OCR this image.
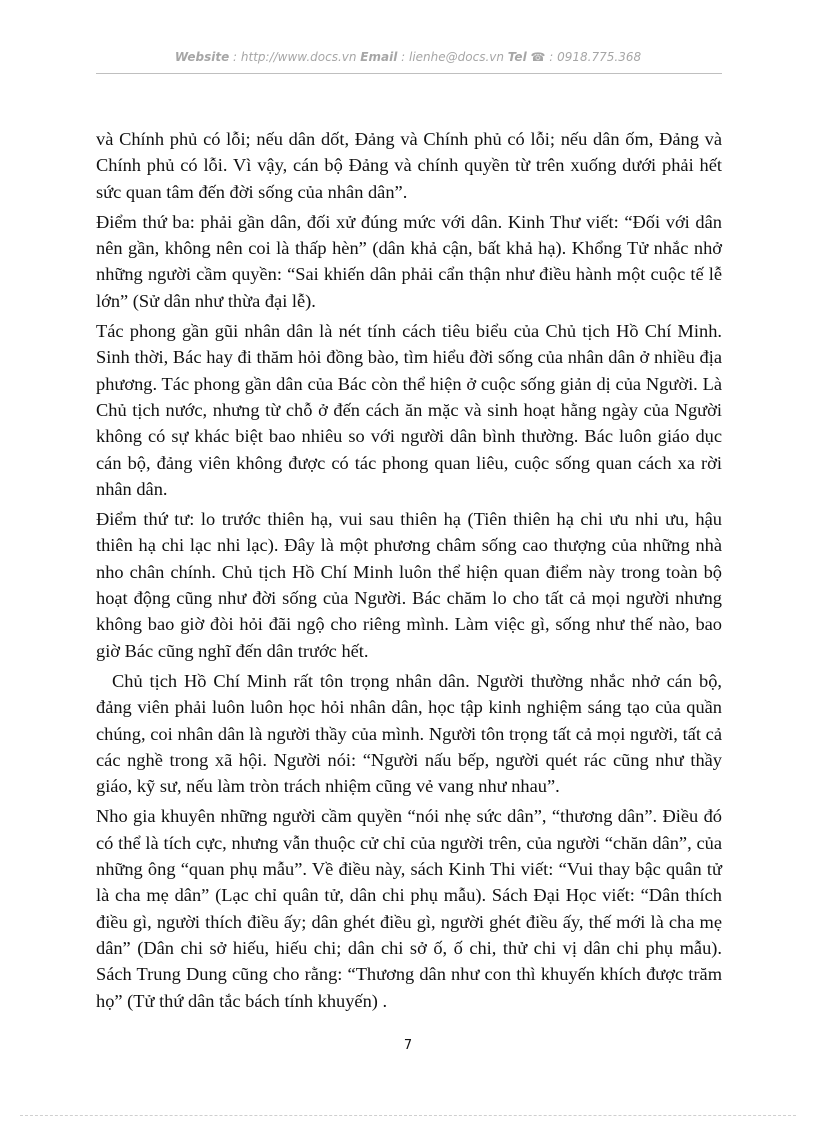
Website : http://www.docs.vn Email : lienhe@docs.vn Tel ☎ : 0918.775.368

và Chính phủ có lỗi; nếu dân dốt, Đảng và Chính phủ có lỗi; nếu dân ốm, Đảng và Chính phủ có lỗi. Vì vậy, cán bộ Đảng và chính quyền từ trên xuống dưới phải hết sức quan tâm đến đời sống của nhân dân”.

Điểm thứ ba: phải gần dân, đối xử đúng mức với dân. Kinh Thư viết: “Đối với dân nên gần, không nên coi là thấp hèn” (dân khả cận, bất khả hạ). Khổng Tử nhắc nhở những người cầm quyền: “Sai khiến dân phải cẩn thận như điều hành một cuộc tế lễ lớn” (Sử dân như thừa đại lễ).

Tác phong gần gũi nhân dân là nét tính cách tiêu biểu của Chủ tịch Hồ Chí Minh. Sinh thời, Bác hay đi thăm hỏi đồng bào, tìm hiểu đời sống của nhân dân ở nhiều địa phương. Tác phong gần dân của Bác còn thể hiện ở cuộc sống giản dị của Người. Là Chủ tịch nước, nhưng từ chỗ ở đến cách ăn mặc và sinh hoạt hằng ngày của Người không có sự khác biệt bao nhiêu so với người dân bình thường. Bác luôn giáo dục cán bộ, đảng viên không được có tác phong quan liêu, cuộc sống quan cách xa rời nhân dân.

Điểm thứ tư: lo trước thiên hạ, vui sau thiên hạ (Tiên thiên hạ chi ưu nhi ưu, hậu thiên hạ chi lạc nhi lạc). Đây là một phương châm sống cao thượng của những nhà nho chân chính. Chủ tịch Hồ Chí Minh luôn thể hiện quan điểm này trong toàn bộ hoạt động cũng như đời sống của Người. Bác chăm lo cho tất cả mọi người nhưng không bao giờ đòi hỏi đãi ngộ cho riêng mình. Làm việc gì, sống như thế nào, bao giờ Bác cũng nghĩ đến dân trước hết.

Chủ tịch Hồ Chí Minh rất tôn trọng nhân dân. Người thường nhắc nhở cán bộ, đảng viên phải luôn luôn học hỏi nhân dân, học tập kinh nghiệm sáng tạo của quần chúng, coi nhân dân là người thầy của mình. Người tôn trọng tất cả mọi người, tất cả các nghề trong xã hội. Người nói: “Người nấu bếp, người quét rác cũng như thầy giáo, kỹ sư, nếu làm tròn trách nhiệm cũng vẻ vang như nhau”.

Nho gia khuyên những người cầm quyền “nói nhẹ sức dân”, “thương dân”. Điều đó có thể là tích cực, nhưng vẫn thuộc cử chỉ của người trên, của người “chăn dân”, của những ông “quan phụ mẫu”. Về điều này, sách Kinh Thi viết: “Vui thay bậc quân tử là cha mẹ dân” (Lạc chỉ quân tử, dân chi phụ mẫu). Sách Đại Học viết: “Dân thích điều gì, người thích điều ấy; dân ghét điều gì, người ghét điều ấy, thế mới là cha mẹ dân” (Dân chi sở hiếu, hiếu chi; dân chi sở ố, ố chi, thử chi vị dân chi phụ mẫu). Sách Trung Dung cũng cho rằng: “Thương dân như con thì khuyến khích được trăm họ” (Tử thứ dân tắc bách tính khuyến) .

7
